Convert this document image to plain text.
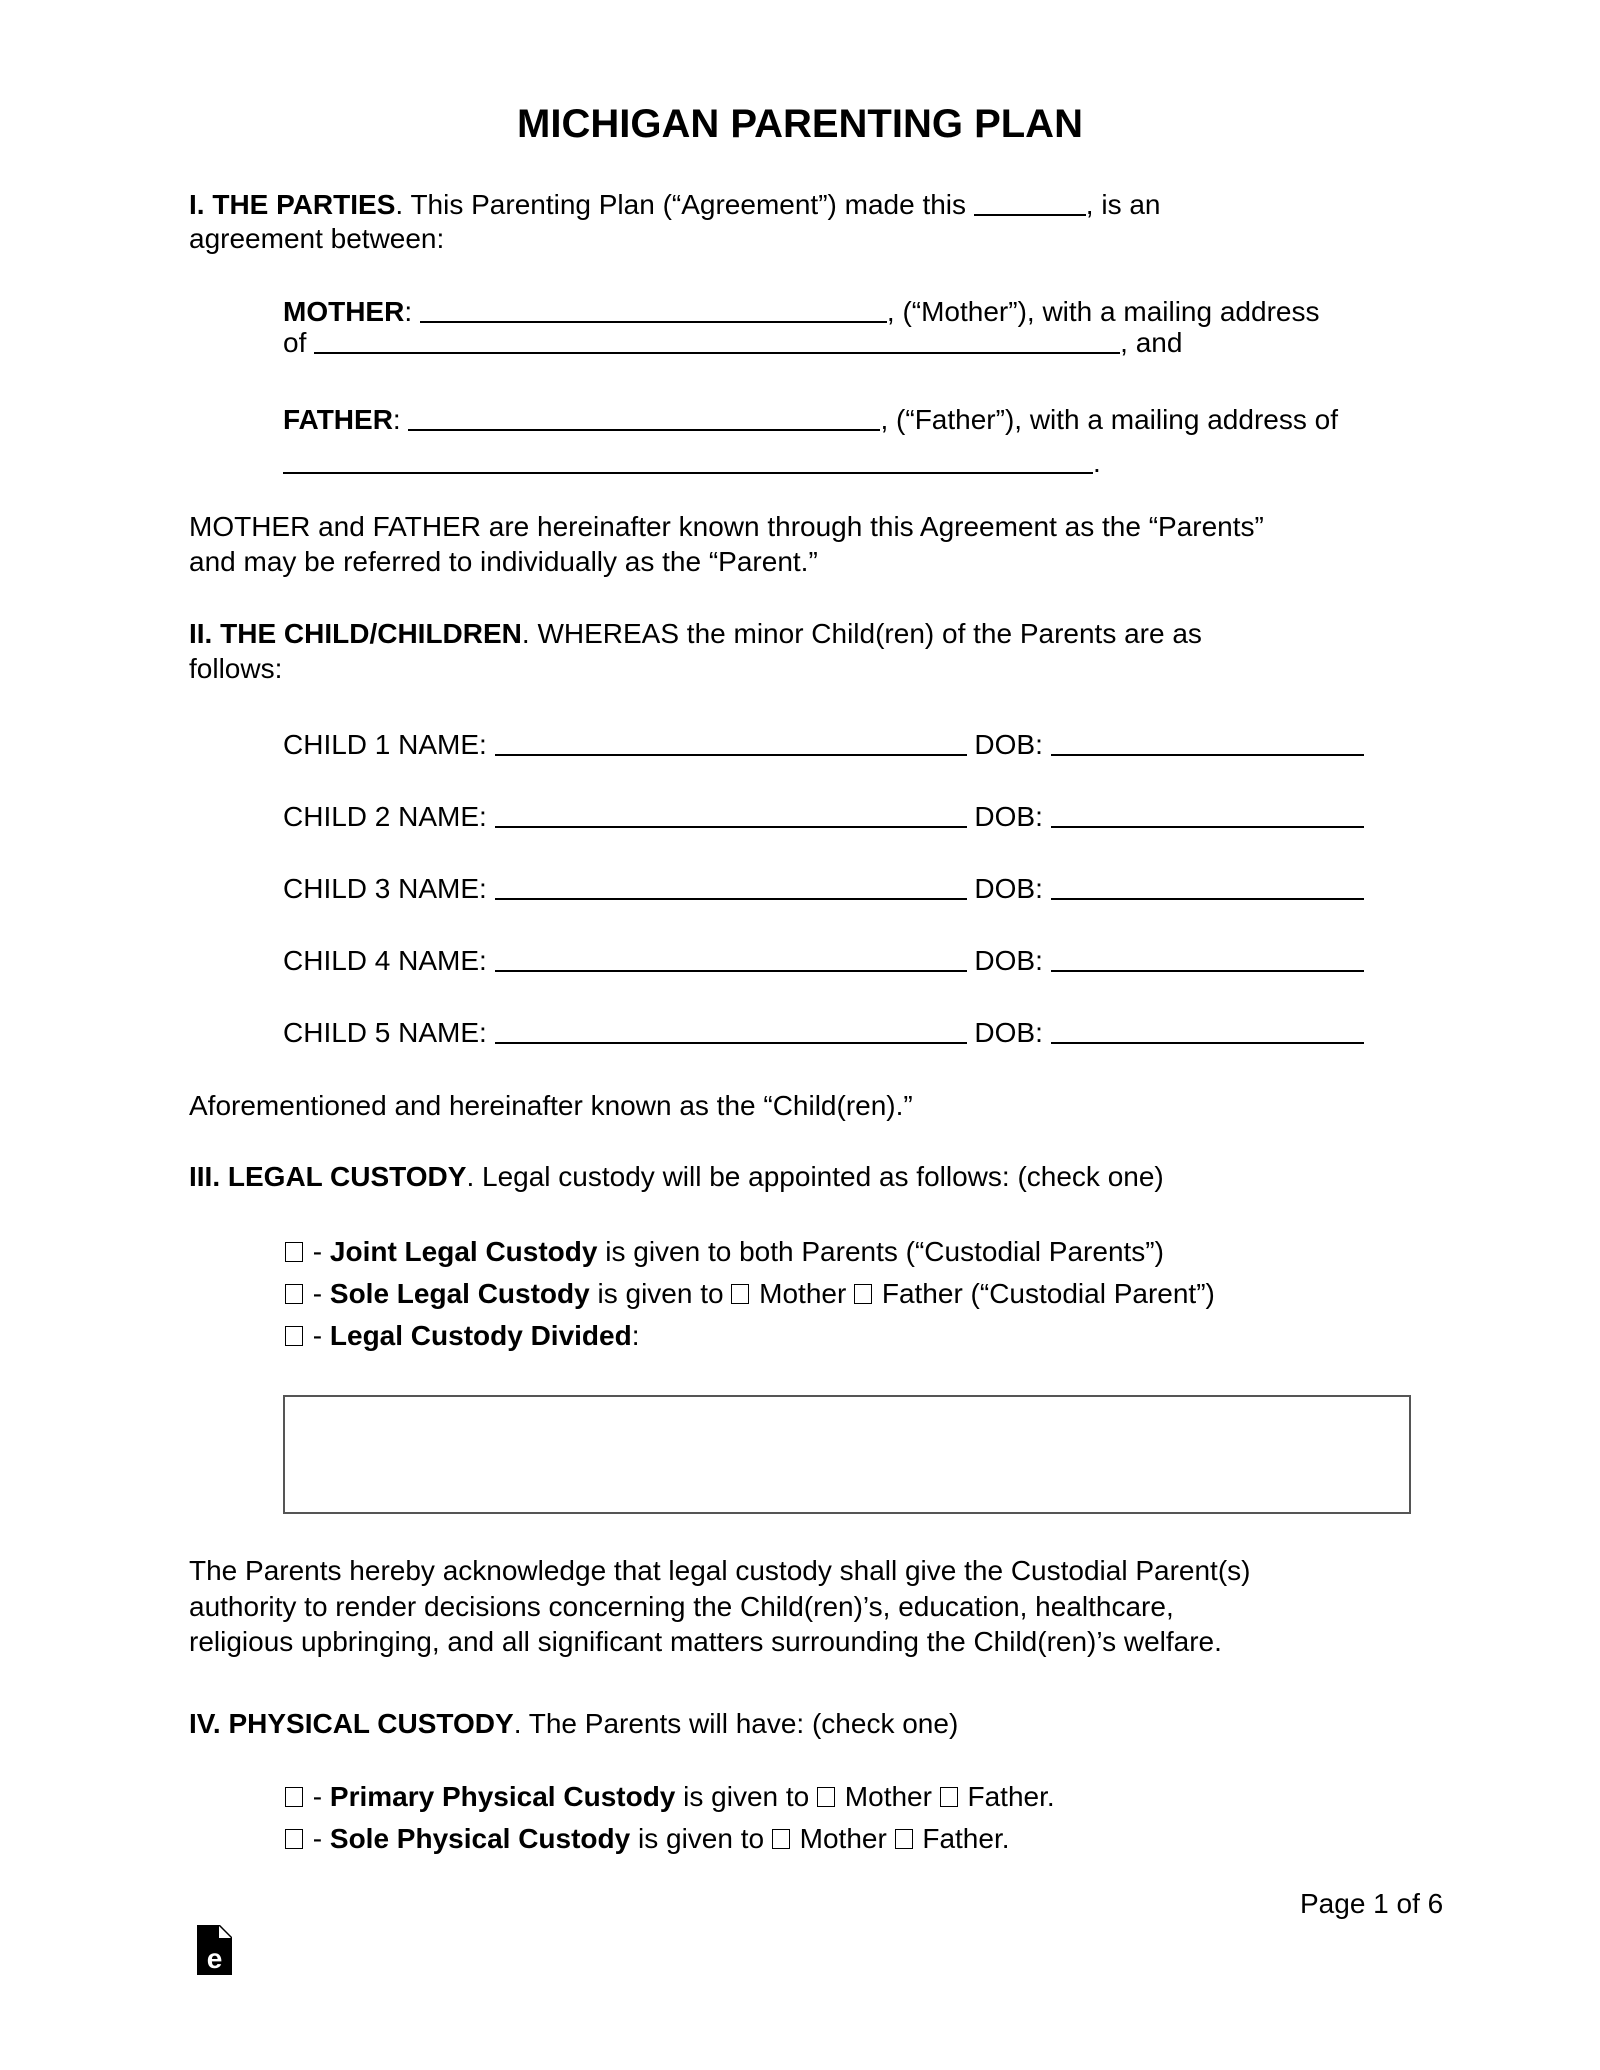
MICHIGAN PARENTING PLAN
I. THE PARTIES. This Parenting Plan (“Agreement”) made this	, is an
agreement between:
MOTHER:	, (“Mother”), with a mailing address
of	, and
FATHER:	, (“Father”), with a mailing address of
.
MOTHER and FATHER are hereinafter known through this Agreement as the “Parents”
and may be referred to individually as the “Parent.”
II. THE CHILD/CHILDREN. WHEREAS the minor Child(ren) of the Parents are as
follows:
CHILD 1 NAME:	DOB:
CHILD 2 NAME:	DOB:
CHILD 3 NAME:	DOB:
CHILD 4 NAME:	DOB:
CHILD 5 NAME:	DOB:
Aforementioned and hereinafter known as the “Child(ren).”
III. LEGAL CUSTODY. Legal custody will be appointed as follows: (check one)
- Joint Legal Custody is given to both Parents (“Custodial Parents”)
- Sole Legal Custody is given to  Mother  Father (“Custodial Parent”)
- Legal Custody Divided:
The Parents hereby acknowledge that legal custody shall give the Custodial Parent(s)
authority to render decisions concerning the Child(ren)’s, education, healthcare,
religious upbringing, and all significant matters surrounding the Child(ren)’s welfare.
IV. PHYSICAL CUSTODY. The Parents will have: (check one)
- Primary Physical Custody is given to  Mother  Father.
- Sole Physical Custody is given to  Mother  Father.
Page 1 of 6
e
